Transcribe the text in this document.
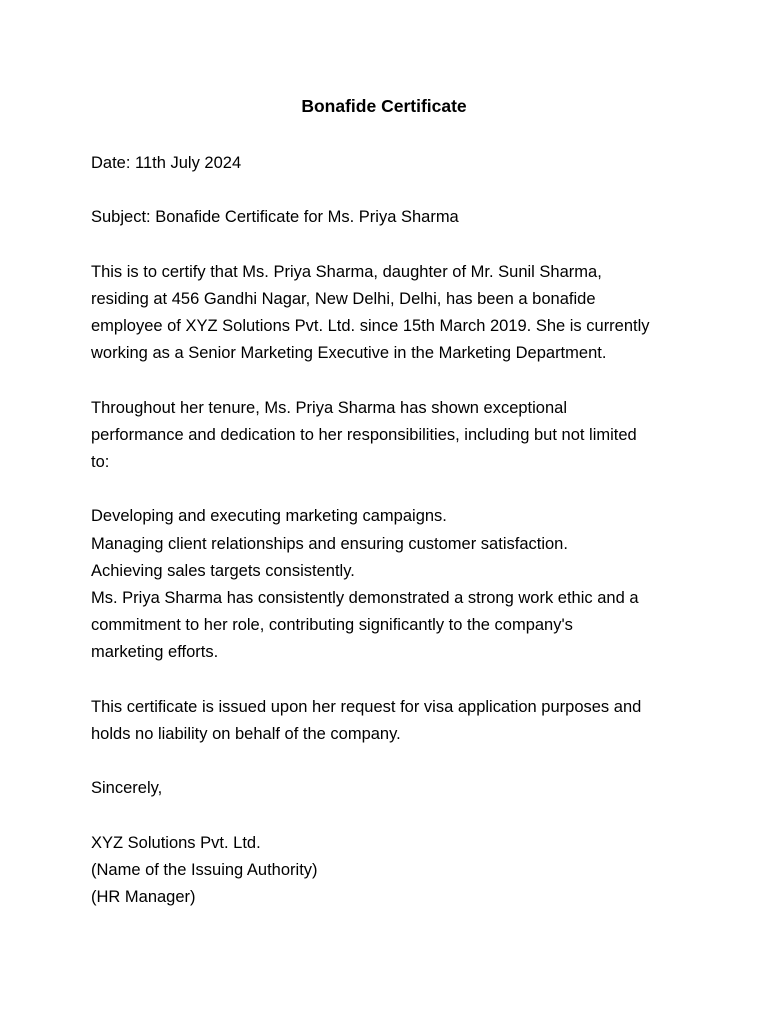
Bonafide Certificate
Date: 11th July 2024
Subject: Bonafide Certificate for Ms. Priya Sharma
This is to certify that Ms. Priya Sharma, daughter of Mr. Sunil Sharma,
residing at 456 Gandhi Nagar, New Delhi, Delhi, has been a bonafide
employee of XYZ Solutions Pvt. Ltd. since 15th March 2019. She is currently
working as a Senior Marketing Executive in the Marketing Department.
Throughout her tenure, Ms. Priya Sharma has shown exceptional
performance and dedication to her responsibilities, including but not limited
to:
Developing and executing marketing campaigns.
Managing client relationships and ensuring customer satisfaction.
Achieving sales targets consistently.
Ms. Priya Sharma has consistently demonstrated a strong work ethic and a
commitment to her role, contributing significantly to the company's
marketing efforts.
This certificate is issued upon her request for visa application purposes and
holds no liability on behalf of the company.
Sincerely,
XYZ Solutions Pvt. Ltd.
(Name of the Issuing Authority)
(HR Manager)
